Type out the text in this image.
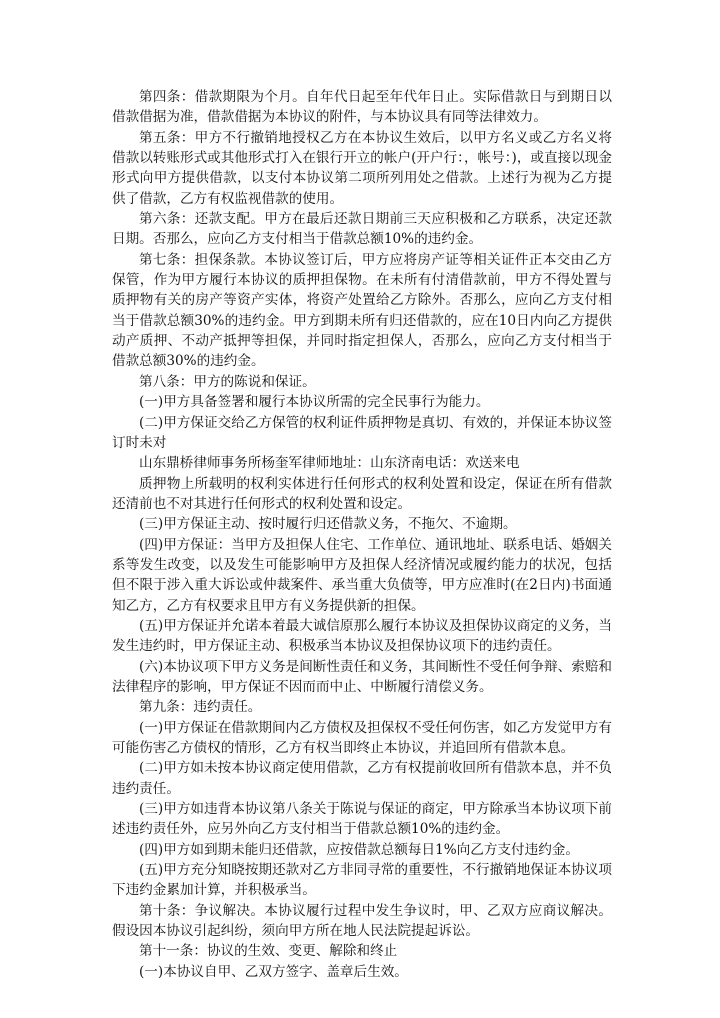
第四条：借款期限为个月。自年代日起至年代年日止。实际借款日与到期日以借款借据为准，借款借据为本协议的附件，与本协议具有同等法律效力。

第五条：甲方不行撤销地授权乙方在本协议生效后，以甲方名义或乙方名义将借款以转账形式或其他形式打入在银行开立的帐户(开户行：，帐号：)，或直接以现金形式向甲方提供借款，以支付本协议第二项所列用处之借款。上述行为视为乙方提供了借款，乙方有权监视借款的使用。

第六条：还款支配。甲方在最后还款日期前三天应积极和乙方联系，决定还款日期。否那么，应向乙方支付相当于借款总额10%的违约金。

第七条：担保条款。本协议签订后，甲方应将房产证等相关证件正本交由乙方保管，作为甲方履行本协议的质押担保物。在未所有付清借款前，甲方不得处置与质押物有关的房产等资产实体，将资产处置给乙方除外。否那么，应向乙方支付相当于借款总额30%的违约金。甲方到期未所有归还借款的，应在10日内向乙方提供动产质押、不动产抵押等担保，并同时指定担保人，否那么，应向乙方支付相当于借款总额30%的违约金。

第八条：甲方的陈说和保证。

(一)甲方具备签署和履行本协议所需的完全民事行为能力。

(二)甲方保证交给乙方保管的权利证件质押物是真切、有效的，并保证本协议签订时未对

山东鼎桥律师事务所杨奎军律师地址：山东济南电话：欢送来电

质押物上所载明的权利实体进行任何形式的权利处置和设定，保证在所有借款还清前也不对其进行任何形式的权利处置和设定。

(三)甲方保证主动、按时履行归还借款义务，不拖欠、不逾期。

(四)甲方保证：当甲方及担保人住宅、工作单位、通讯地址、联系电话、婚姻关系等发生改变，以及发生可能影响甲方及担保人经济情况或履约能力的状况，包括但不限于涉入重大诉讼或仲裁案件、承当重大负债等，甲方应准时(在2日内)书面通知乙方，乙方有权要求且甲方有义务提供新的担保。

(五)甲方保证并允诺本着最大诚信原那么履行本协议及担保协议商定的义务，当发生违约时，甲方保证主动、积极承当本协议及担保协议项下的违约责任。

(六)本协议项下甲方义务是间断性责任和义务，其间断性不受任何争辩、索赔和法律程序的影响，甲方保证不因而而中止、中断履行清偿义务。

第九条：违约责任。

(一)甲方保证在借款期间内乙方债权及担保权不受任何伤害，如乙方发觉甲方有可能伤害乙方债权的情形，乙方有权当即终止本协议，并追回所有借款本息。

(二)甲方如未按本协议商定使用借款，乙方有权提前收回所有借款本息，并不负违约责任。

(三)甲方如违背本协议第八条关于陈说与保证的商定，甲方除承当本协议项下前述违约责任外，应另外向乙方支付相当于借款总额10%的违约金。

(四)甲方如到期未能归还借款，应按借款总额每日1%向乙方支付违约金。

(五)甲方充分知晓按期还款对乙方非同寻常的重要性，不行撤销地保证本协议项下违约金累加计算，并积极承当。

第十条：争议解决。本协议履行过程中发生争议时，甲、乙双方应商议解决。假设因本协议引起纠纷，须向甲方所在地人民法院提起诉讼。

第十一条：协议的生效、变更、解除和终止

(一)本协议自甲、乙双方签字、盖章后生效。
